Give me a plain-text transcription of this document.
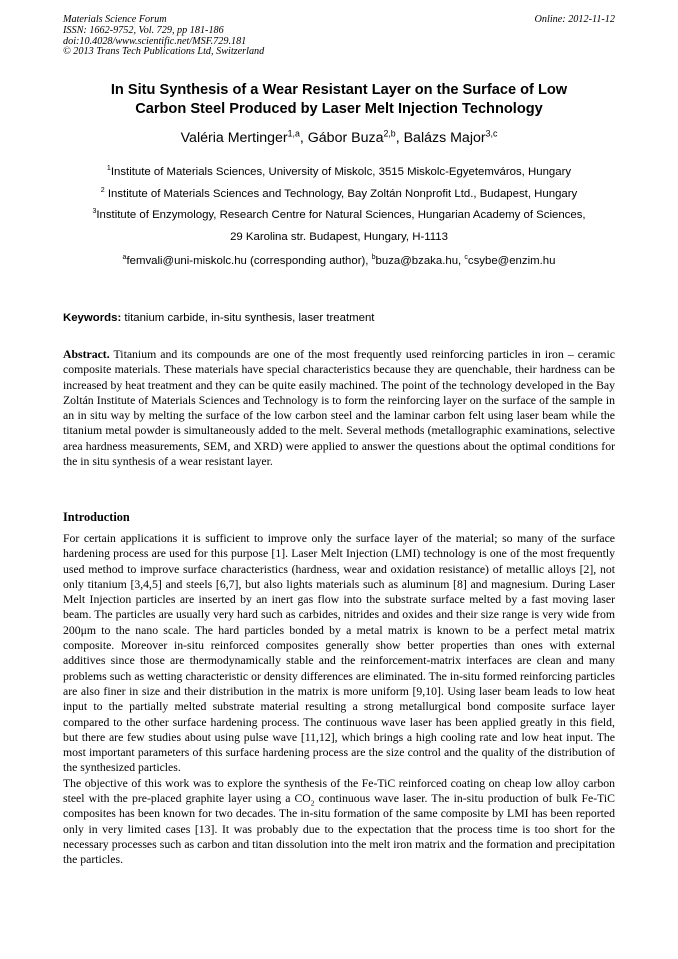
Materials Science Forum
ISSN: 1662-9752, Vol. 729, pp 181-186
doi:10.4028/www.scientific.net/MSF.729.181
© 2013 Trans Tech Publications Ltd, Switzerland
Online: 2012-11-12
In Situ Synthesis of a Wear Resistant Layer on the Surface of Low
Carbon Steel Produced by Laser Melt Injection Technology
Valéria Mertinger$^{1,a}$, Gábor Buza$^{2,b}$, Balázs Major$^{3,c}$
$^1$Institute of Materials Sciences, University of Miskolc, 3515 Miskolc-Egyetemváros, Hungary
$^2$ Institute of Materials Sciences and Technology, Bay Zoltán Nonprofit Ltd., Budapest, Hungary
$^3$Institute of Enzymology, Research Centre for Natural Sciences, Hungarian Academy of Sciences,
29 Karolina str. Budapest, Hungary, H-1113
$^a$femvali@uni-miskolc.hu (corresponding author), $^b$buza@bzaka.hu, $^c$csybe@enzim.hu
Keywords: titanium carbide, in-situ synthesis, laser treatment
Abstract. Titanium and its compounds are one of the most frequently used reinforcing particles in iron – ceramic composite materials. These materials have special characteristics because they are quenchable, their hardness can be increased by heat treatment and they can be quite easily machined. The point of the technology developed in the Bay Zoltán Institute of Materials Sciences and Technology is to form the reinforcing layer on the surface of the sample in an in situ way by melting the surface of the low carbon steel and the laminar carbon felt using laser beam while the titanium metal powder is simultaneously added to the melt. Several methods (metallographic examinations, selective area hardness measurements, SEM, and XRD) were applied to answer the questions about the optimal conditions for the in situ synthesis of a wear resistant layer.
Introduction

For certain applications it is sufficient to improve only the surface layer of the material; so many of the surface hardening process are used for this purpose [1]. Laser Melt Injection (LMI) technology is one of the most frequently used method to improve surface characteristics (hardness, wear and oxidation resistance) of metallic alloys [2], not only titanium [3,4,5] and steels [6,7], but also lights materials such as aluminum [8] and magnesium. During Laser Melt Injection particles are inserted by an inert gas flow into the substrate surface melted by a fast moving laser beam. The particles are usually very hard such as carbides, nitrides and oxides and their size range is very wide from 200μm to the nano scale. The hard particles bonded by a metal matrix is known to be a perfect metal matrix composite. Moreover in-situ reinforced composites generally show better properties than ones with external additives since those are thermodynamically stable and the reinforcement-matrix interfaces are clean and many problems such as wetting characteristic or density differences are eliminated. The in-situ formed reinforcing particles are also finer in size and their distribution in the matrix is more uniform [9,10]. Using laser beam leads to low heat input to the partially melted substrate material resulting a strong metallurgical bond composite surface layer compared to the other surface hardening process. The continuous wave laser has been applied greatly in this field, but there are few studies about using pulse wave [11,12], which brings a high cooling rate and low heat input. The most important parameters of this surface hardening process are the size control and the quality of the distribution of the synthesized particles.

The objective of this work was to explore the synthesis of the Fe-TiC reinforced coating on cheap low alloy carbon steel with the pre-placed graphite layer using a $CO_2$ continuous wave laser. The in-situ production of bulk Fe-TiC composites has been known for two decades. The in-situ formation of the same composite by LMI has been reported only in very limited cases [13]. It was probably due to the expectation that the process time is too short for the necessary processes such as carbon and titan dissolution into the melt iron matrix and the formation and precipitation the particles.
